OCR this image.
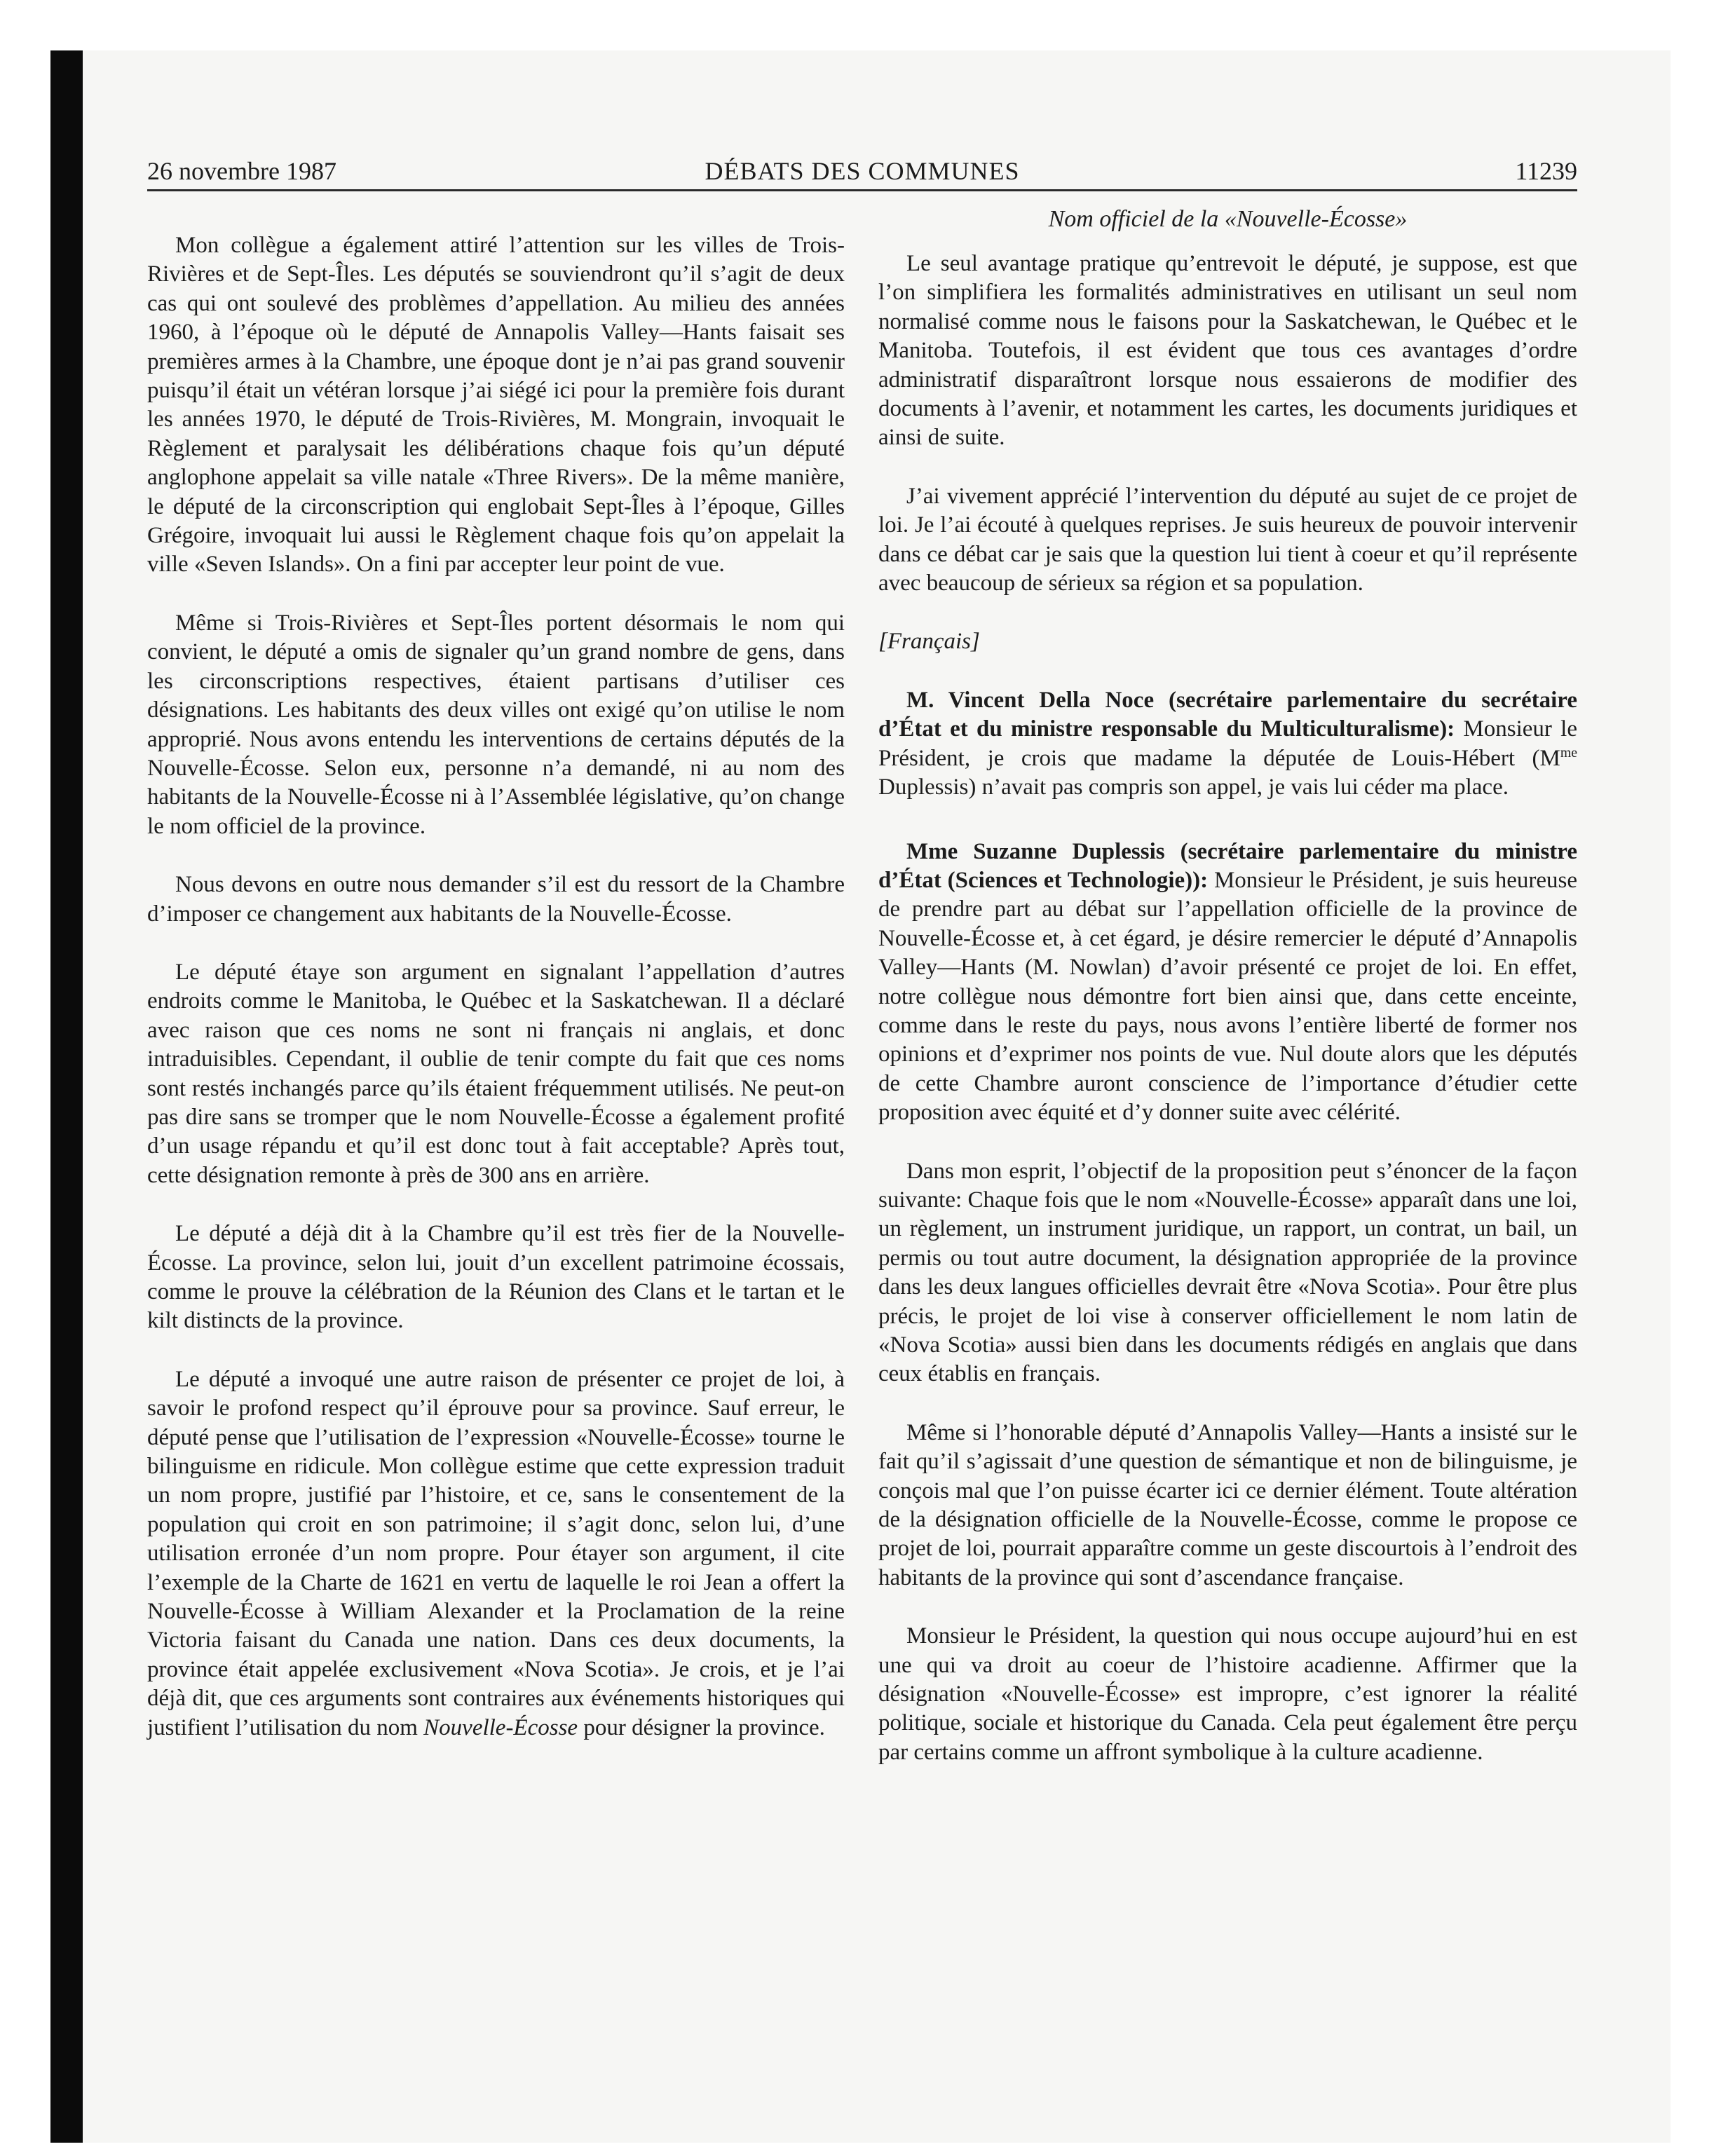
26 novembre 1987	DÉBATS DES COMMUNES	11239

Mon collègue a également attiré l’attention sur les villes de Trois-Rivières et de Sept-Îles. Les députés se souviendront qu’il s’agit de deux cas qui ont soulevé des problèmes d’appellation. Au milieu des années 1960, à l’époque où le député de Annapolis Valley—Hants faisait ses premières armes à la Chambre, une époque dont je n’ai pas grand souvenir puisqu’il était un vétéran lorsque j’ai siégé ici pour la première fois durant les années 1970, le député de Trois-Rivières, M. Mongrain, invoquait le Règlement et paralysait les délibérations chaque fois qu’un député anglophone appelait sa ville natale «Three Rivers». De la même manière, le député de la circonscription qui englobait Sept-Îles à l’époque, Gilles Grégoire, invoquait lui aussi le Règlement chaque fois qu’on appelait la ville «Seven Islands». On a fini par accepter leur point de vue.

Même si Trois-Rivières et Sept-Îles portent désormais le nom qui convient, le député a omis de signaler qu’un grand nombre de gens, dans les circonscriptions respectives, étaient partisans d’utiliser ces désignations. Les habitants des deux villes ont exigé qu’on utilise le nom approprié. Nous avons entendu les interventions de certains députés de la Nouvelle-Écosse. Selon eux, personne n’a demandé, ni au nom des habitants de la Nouvelle-Écosse ni à l’Assemblée législative, qu’on change le nom officiel de la province.

Nous devons en outre nous demander s’il est du ressort de la Chambre d’imposer ce changement aux habitants de la Nouvelle-Écosse.

Le député étaye son argument en signalant l’appellation d’autres endroits comme le Manitoba, le Québec et la Saskatchewan. Il a déclaré avec raison que ces noms ne sont ni français ni anglais, et donc intraduisibles. Cependant, il oublie de tenir compte du fait que ces noms sont restés inchangés parce qu’ils étaient fréquemment utilisés. Ne peut-on pas dire sans se tromper que le nom Nouvelle-Écosse a également profité d’un usage répandu et qu’il est donc tout à fait acceptable? Après tout, cette désignation remonte à près de 300 ans en arrière.

Le député a déjà dit à la Chambre qu’il est très fier de la Nouvelle-Écosse. La province, selon lui, jouit d’un excellent patrimoine écossais, comme le prouve la célébration de la Réunion des Clans et le tartan et le kilt distincts de la province.

Le député a invoqué une autre raison de présenter ce projet de loi, à savoir le profond respect qu’il éprouve pour sa province. Sauf erreur, le député pense que l’utilisation de l’expression «Nouvelle-Écosse» tourne le bilinguisme en ridicule. Mon collègue estime que cette expression traduit un nom propre, justifié par l’histoire, et ce, sans le consentement de la population qui croit en son patrimoine; il s’agit donc, selon lui, d’une utilisation erronée d’un nom propre. Pour étayer son argument, il cite l’exemple de la Charte de 1621 en vertu de laquelle le roi Jean a offert la Nouvelle-Écosse à William Alexander et la Proclamation de la reine Victoria faisant du Canada une nation. Dans ces deux documents, la province était appelée exclusivement «Nova Scotia». Je crois, et je l’ai déjà dit, que ces arguments sont contraires aux événements historiques qui justifient l’utilisation du nom Nouvelle-Écosse pour désigner la province.

Nom officiel de la «Nouvelle-Écosse»

Le seul avantage pratique qu’entrevoit le député, je suppose, est que l’on simplifiera les formalités administratives en utilisant un seul nom normalisé comme nous le faisons pour la Saskatchewan, le Québec et le Manitoba. Toutefois, il est évident que tous ces avantages d’ordre administratif disparaîtront lorsque nous essaierons de modifier des documents à l’avenir, et notamment les cartes, les documents juridiques et ainsi de suite.

J’ai vivement apprécié l’intervention du député au sujet de ce projet de loi. Je l’ai écouté à quelques reprises. Je suis heureux de pouvoir intervenir dans ce débat car je sais que la question lui tient à coeur et qu’il représente avec beaucoup de sérieux sa région et sa population.

[Français]

M. Vincent Della Noce (secrétaire parlementaire du secrétaire d’État et du ministre responsable du Multiculturalisme): Monsieur le Président, je crois que madame la députée de Louis-Hébert ($M^{me}$ Duplessis) n’avait pas compris son appel, je vais lui céder ma place.

Mme Suzanne Duplessis (secrétaire parlementaire du ministre d’État (Sciences et Technologie)): Monsieur le Président, je suis heureuse de prendre part au débat sur l’appellation officielle de la province de Nouvelle-Écosse et, à cet égard, je désire remercier le député d’Annapolis Valley—Hants (M. Nowlan) d’avoir présenté ce projet de loi. En effet, notre collègue nous démontre fort bien ainsi que, dans cette enceinte, comme dans le reste du pays, nous avons l’entière liberté de former nos opinions et d’exprimer nos points de vue. Nul doute alors que les députés de cette Chambre auront conscience de l’importance d’étudier cette proposition avec équité et d’y donner suite avec célérité.

Dans mon esprit, l’objectif de la proposition peut s’énoncer de la façon suivante: Chaque fois que le nom «Nouvelle-Écosse» apparaît dans une loi, un règlement, un instrument juridique, un rapport, un contrat, un bail, un permis ou tout autre document, la désignation appropriée de la province dans les deux langues officielles devrait être «Nova Scotia». Pour être plus précis, le projet de loi vise à conserver officiellement le nom latin de «Nova Scotia» aussi bien dans les documents rédigés en anglais que dans ceux établis en français.

Même si l’honorable député d’Annapolis Valley—Hants a insisté sur le fait qu’il s’agissait d’une question de sémantique et non de bilinguisme, je conçois mal que l’on puisse écarter ici ce dernier élément. Toute altération de la désignation officielle de la Nouvelle-Écosse, comme le propose ce projet de loi, pourrait apparaître comme un geste discourtois à l’endroit des habitants de la province qui sont d’ascendance française.

Monsieur le Président, la question qui nous occupe aujourd’hui en est une qui va droit au coeur de l’histoire acadienne. Affirmer que la désignation «Nouvelle-Écosse» est impropre, c’est ignorer la réalité politique, sociale et historique du Canada. Cela peut également être perçu par certains comme un affront symbolique à la culture acadienne.
